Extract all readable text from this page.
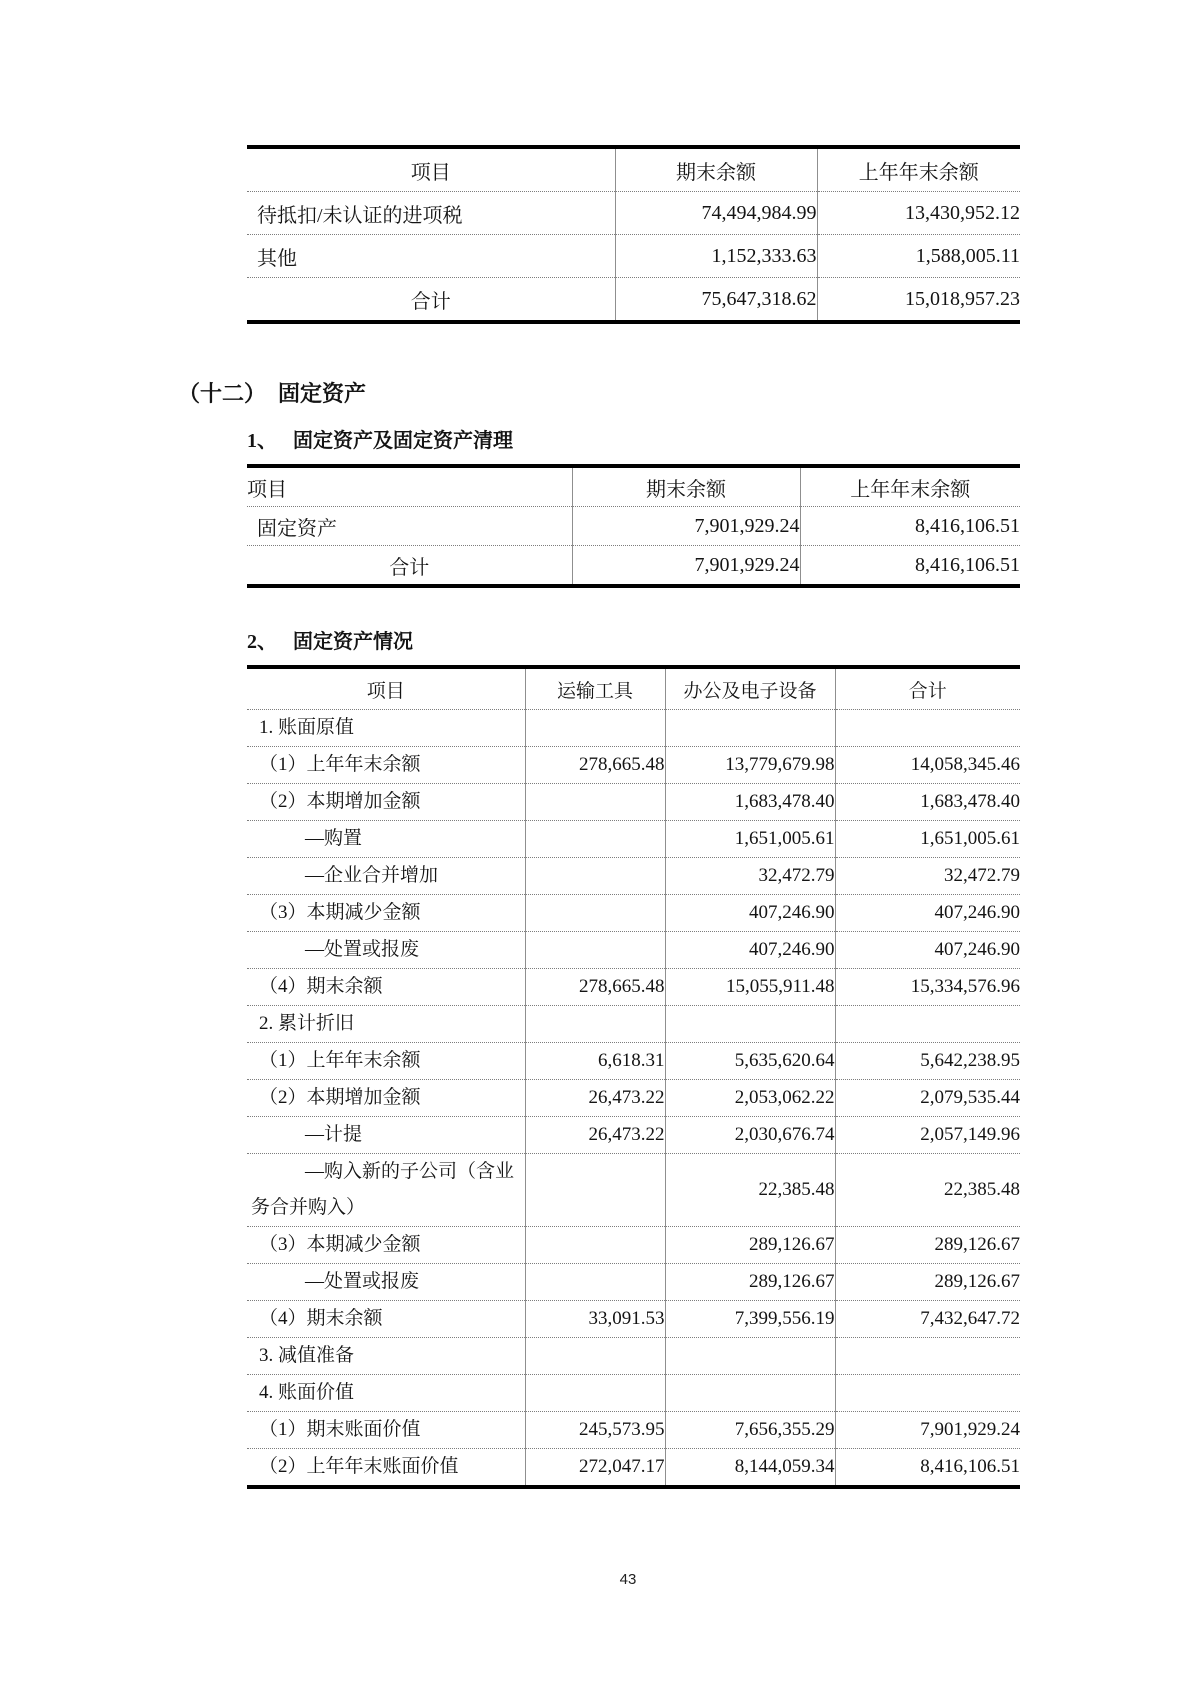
项目	期末余额	上年年末余额
待抵扣/未认证的进项税	74,494,984.99	13,430,952.12
其他	1,152,333.63	1,588,005.11
合计	75,647,318.62	15,018,957.23
（十二） 固定资产
1、 固定资产及固定资产清理
项目	期末余额	上年年末余额
固定资产	7,901,929.24	8,416,106.51
合计	7,901,929.24	8,416,106.51
2、 固定资产情况
项目	运输工具	办公及电子设备	合计

1. 账面原值			

（1）上年年末余额	278,665.48	13,779,679.98	14,058,345.46

（2）本期增加金额		1,683,478.40	1,683,478.40

—购置		1,651,005.61	1,651,005.61

—企业合并增加		32,472.79	32,472.79

（3）本期减少金额		407,246.90	407,246.90

—处置或报废		407,246.90	407,246.90

（4）期末余额	278,665.48	15,055,911.48	15,334,576.96

2. 累计折旧			

（1）上年年末余额	6,618.31	5,635,620.64	5,642,238.95

（2）本期增加金额	26,473.22	2,053,062.22	2,079,535.44

—计提	26,473.22	2,030,676.74	2,057,149.96

—购入新的子公司（含业
务合并购入）		22,385.48	22,385.48

（3）本期减少金额		289,126.67	289,126.67

—处置或报废		289,126.67	289,126.67

（4）期末余额	33,091.53	7,399,556.19	7,432,647.72

3. 减值准备			

4. 账面价值			

（1）期末账面价值	245,573.95	7,656,355.29	7,901,929.24

（2）上年年末账面价值	272,047.17	8,144,059.34	8,416,106.51
43
